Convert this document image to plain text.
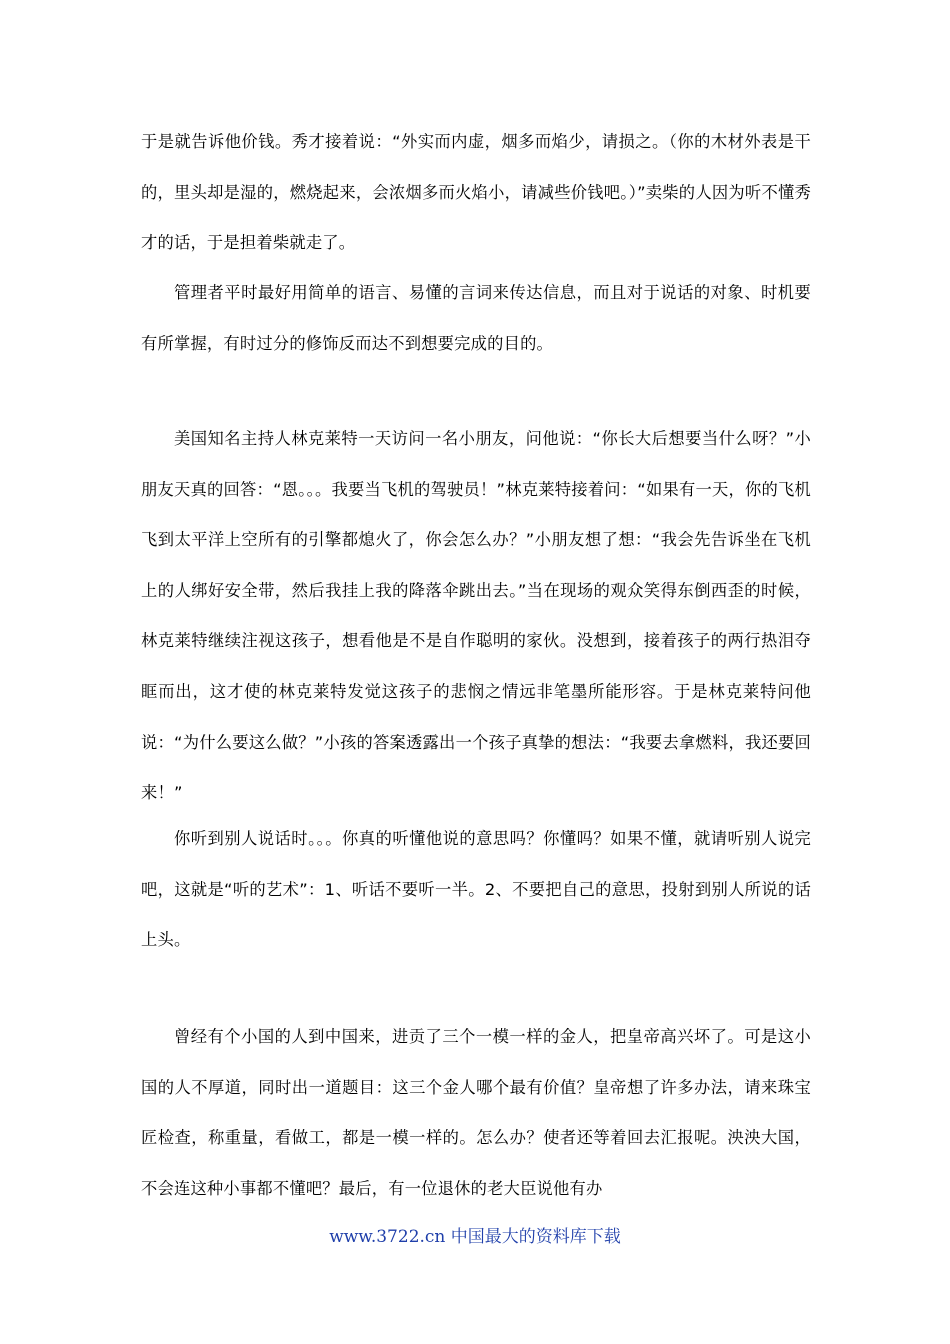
于是就告诉他价钱。秀才接着说：“外实而内虚，烟多而焰少，请损之。（你的木材外表是干的，里头却是湿的，燃烧起来，会浓烟多而火焰小，请减些价钱吧。）”卖柴的人因为听不懂秀才的话，于是担着柴就走了。

管理者平时最好用简单的语言、易懂的言词来传达信息，而且对于说话的对象、时机要有所掌握，有时过分的修饰反而达不到想要完成的目的。

美国知名主持人林克莱特一天访问一名小朋友，问他说：“你长大后想要当什么呀？”小朋友天真的回答：“恩。。。我要当飞机的驾驶员！”林克莱特接着问：“如果有一天，你的飞机飞到太平洋上空所有的引擎都熄火了，你会怎么办？”小朋友想了想：“我会先告诉坐在飞机上的人绑好安全带，然后我挂上我的降落伞跳出去。”当在现场的观众笑得东倒西歪的时候，林克莱特继续注视这孩子，想看他是不是自作聪明的家伙。没想到，接着孩子的两行热泪夺眶而出，这才使的林克莱特发觉这孩子的悲悯之情远非笔墨所能形容。于是林克莱特问他说：“为什么要这么做？”小孩的答案透露出一个孩子真挚的想法：“我要去拿燃料，我还要回来！”

你听到别人说话时。。。你真的听懂他说的意思吗？你懂吗？如果不懂，就请听别人说完吧，这就是“听的艺术”：1、听话不要听一半。2、不要把自己的意思，投射到别人所说的话上头。

曾经有个小国的人到中国来，进贡了三个一模一样的金人，把皇帝高兴坏了。可是这小国的人不厚道，同时出一道题目：这三个金人哪个最有价值？皇帝想了许多办法，请来珠宝匠检查，称重量，看做工，都是一模一样的。怎么办？使者还等着回去汇报呢。泱泱大国，不会连这种小事都不懂吧？最后，有一位退休的老大臣说他有办

www.3722.cn 中国最大的资料库下载
